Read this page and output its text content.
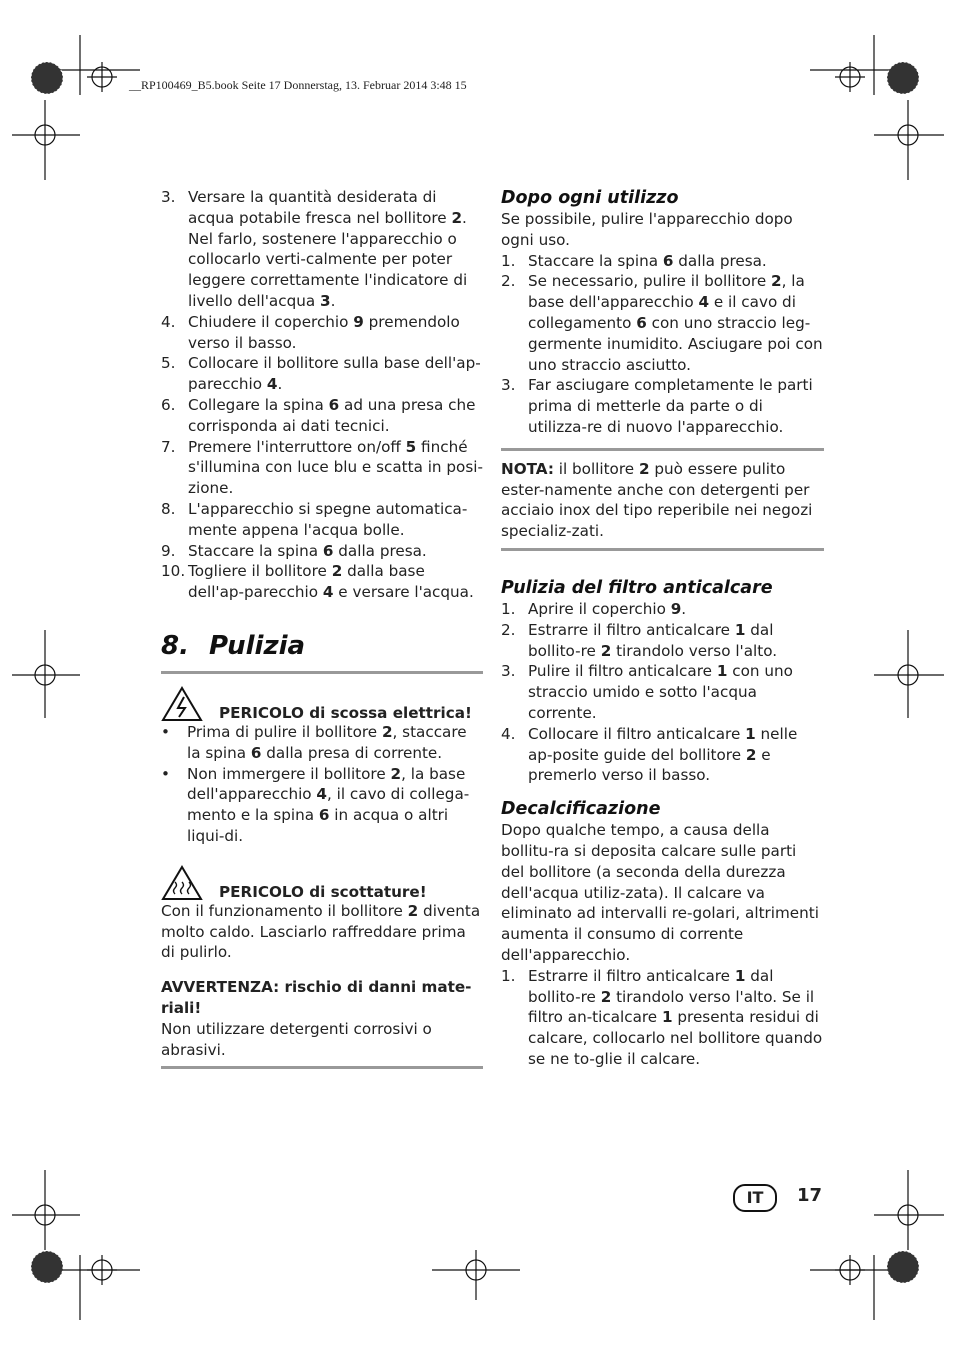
__RP100469_B5.book Seite 17 Donnerstag, 13. Februar 2014 3:48 15
3. Versare la quantità desiderata di acqua potabile fresca nel bollitore 2. Nel farlo, sostenere l'apparecchio o collocarlo verti-calmente per poter leggere correttamente l'indicatore di livello dell'acqua 3.
4. Chiudere il coperchio 9 premendolo verso il basso.
5. Collocare il bollitore sulla base dell'ap-parecchio 4.
6. Collegare la spina 6 ad una presa che corrisponda ai dati tecnici.
7. Premere l'interruttore on/off 5 finché s'illumina con luce blu e scatta in posi-zione.
8. L'apparecchio si spegne automatica-mente appena l'acqua bolle.
9. Staccare la spina 6 dalla presa.
10. Togliere il bollitore 2 dalla base dell'ap-parecchio 4 e versare l'acqua.
8. Pulizia
PERICOLO di scossa elettrica!
• Prima di pulire il bollitore 2, staccare la spina 6 dalla presa di corrente.
• Non immergere il bollitore 2, la base dell'apparecchio 4, il cavo di collega-mento e la spina 6 in acqua o altri liqui-di.
PERICOLO di scottature!

Con il funzionamento il bollitore 2 diventa molto caldo. Lasciarlo raffreddare prima di pulirlo.

AVVERTENZA: rischio di danni mate-riali!

Non utilizzare detergenti corrosivi o abrasivi.

Dopo ogni utilizzo

Se possibile, pulire l'apparecchio dopo ogni uso.

1. Staccare la spina 6 dalla presa.
2. Se necessario, pulire il bollitore 2, la base dell'apparecchio 4 e il cavo di collegamento 6 con uno straccio leg-germente inumidito. Asciugare poi con uno straccio asciutto.
3. Far asciugare completamente le parti prima di metterle da parte o di utilizza-re di nuovo l'apparecchio.

NOTA: il bollitore 2 può essere pulito ester-namente anche con detergenti per acciaio inox del tipo reperibile nei negozi specializ-zati.

Pulizia del filtro anticalcare

1. Aprire il coperchio 9.
2. Estrarre il filtro anticalcare 1 dal bollito-re 2 tirandolo verso l'alto.
3. Pulire il filtro anticalcare 1 con uno straccio umido e sotto l'acqua corrente.
4. Collocare il filtro anticalcare 1 nelle ap-posite guide del bollitore 2 e premerlo verso il basso.

Decalcificazione

Dopo qualche tempo, a causa della bollitu-ra si deposita calcare sulle parti del bollitore (a seconda della durezza dell'acqua utiliz-zata). Il calcare va eliminato ad intervalli re-golari, altrimenti aumenta il consumo di corrente dell'apparecchio.

1. Estrarre il filtro anticalcare 1 dal bollito-re 2 tirandolo verso l'alto. Se il filtro an-ticalcare 1 presenta residui di calcare, collocarlo nel bollitore quando se ne to-glie il calcare.
IT	17
